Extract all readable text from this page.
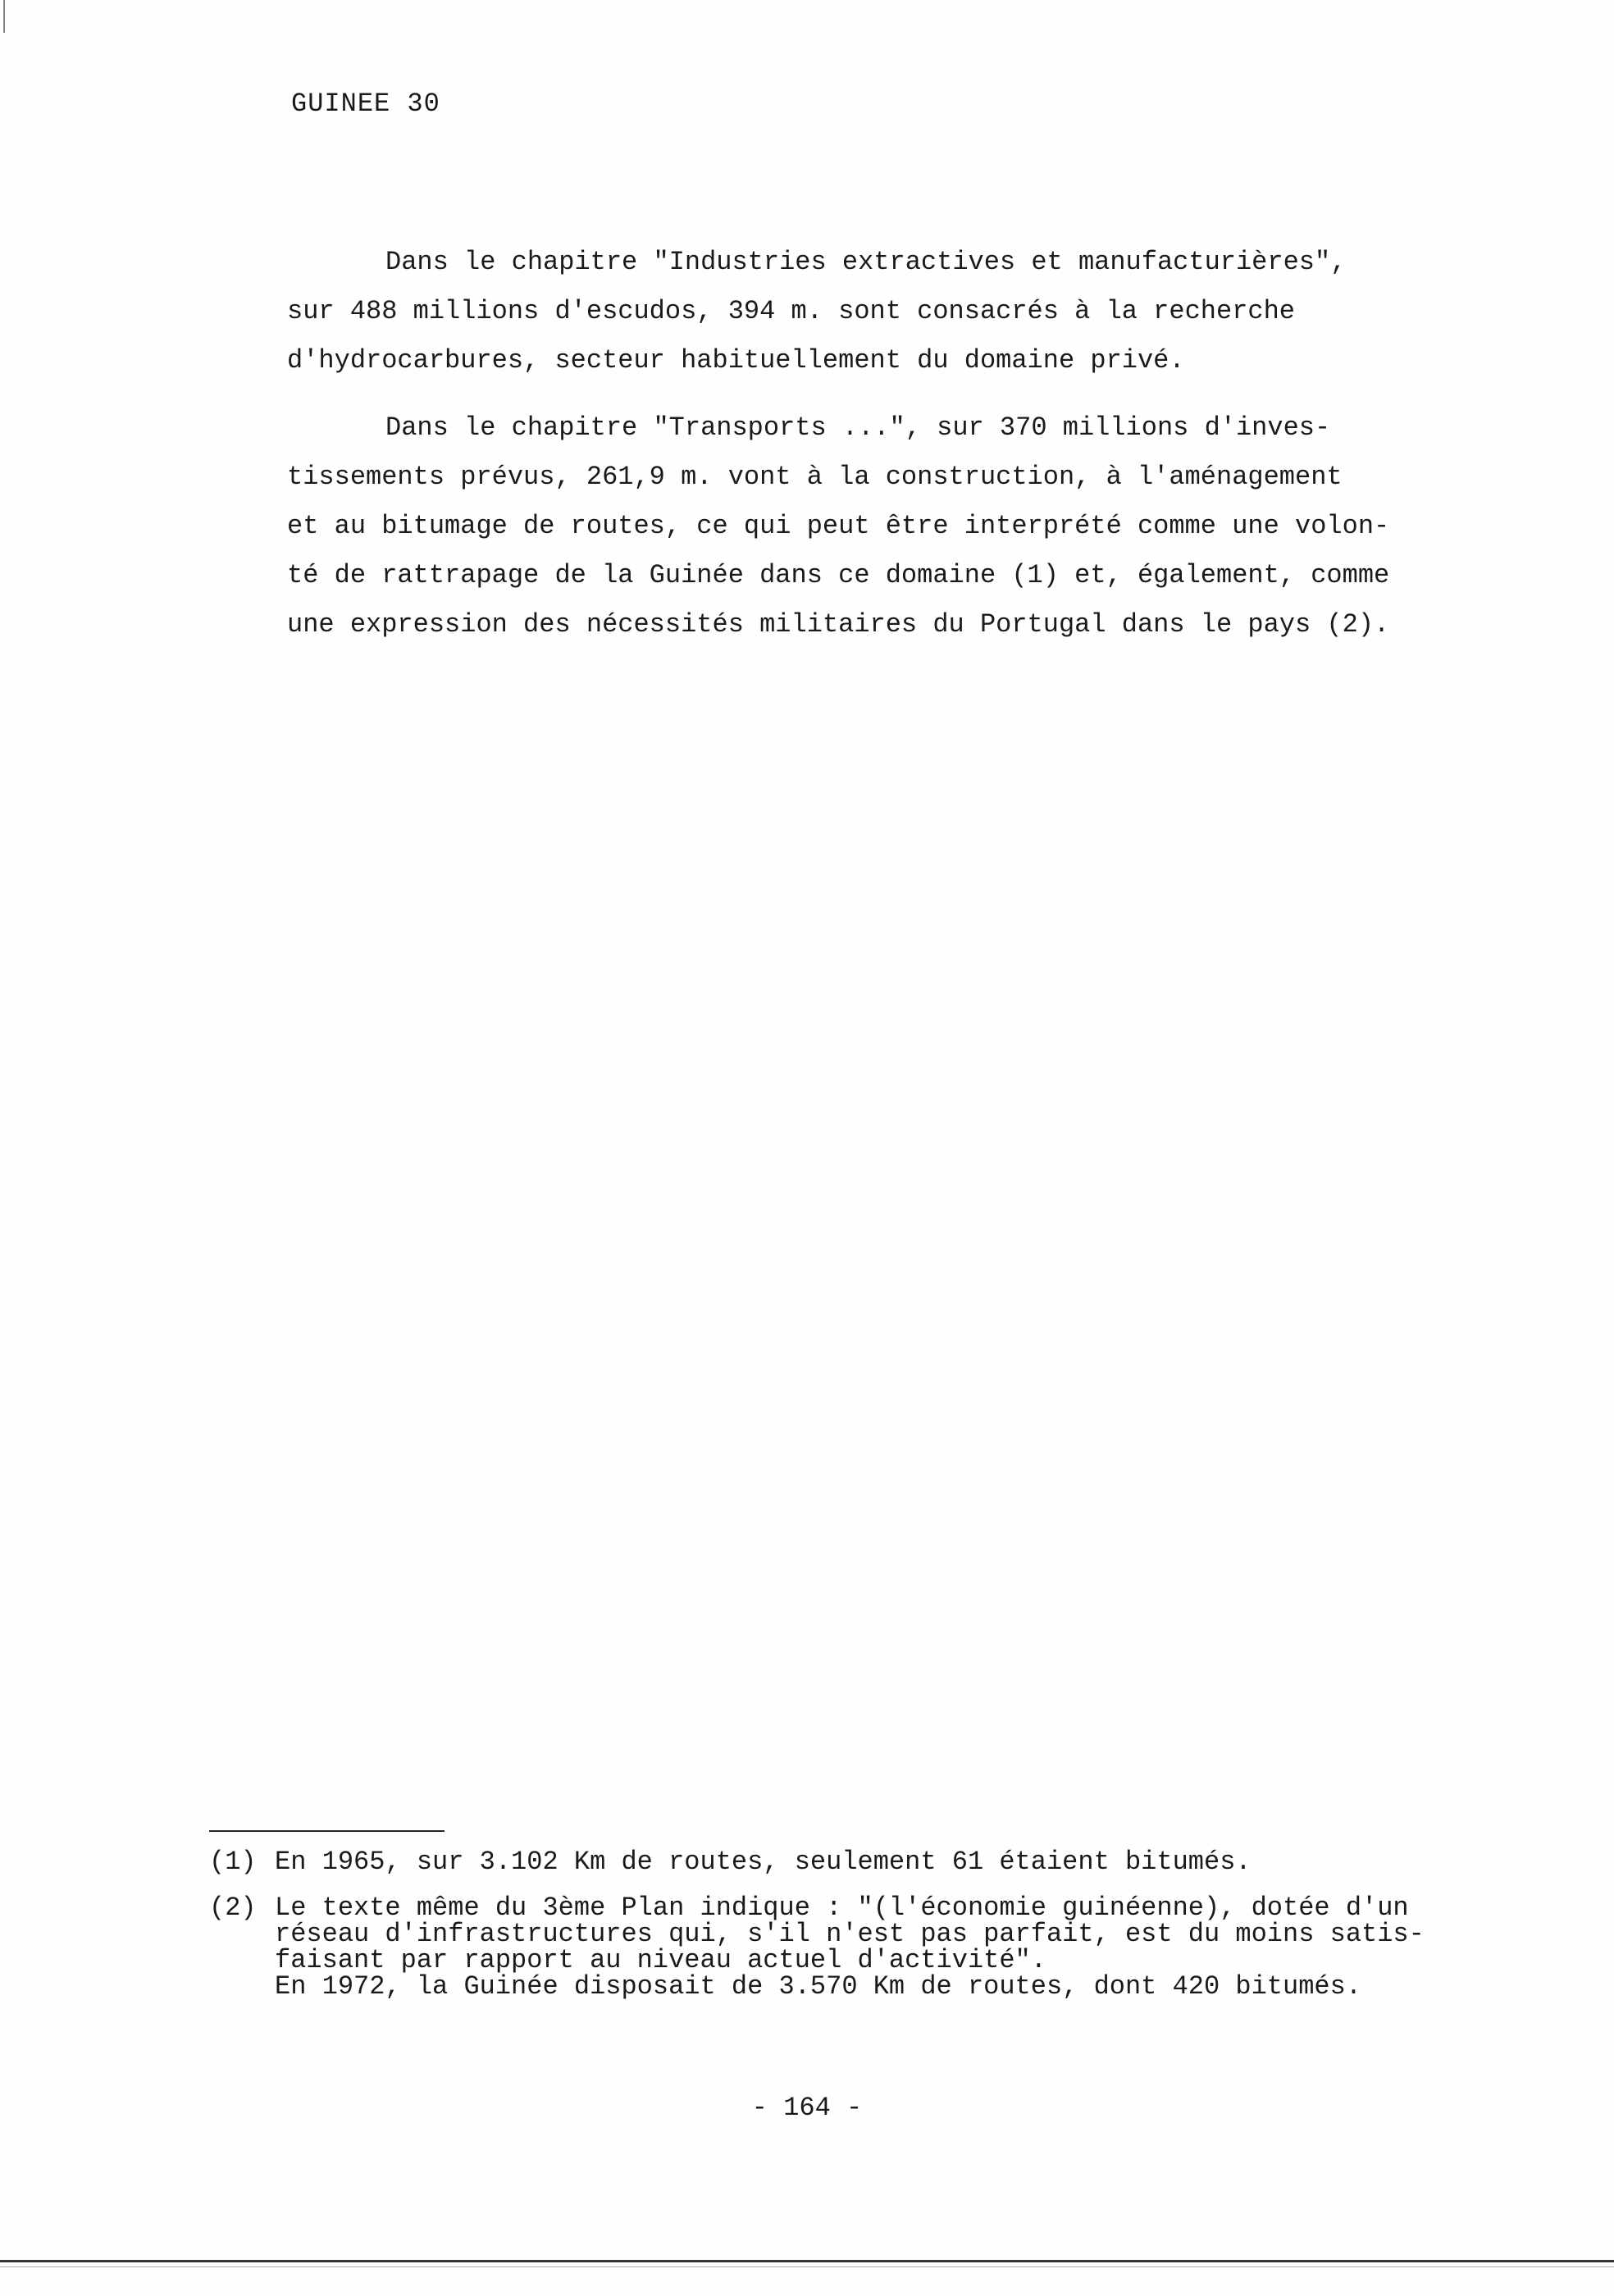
GUINEE 30

Dans le chapitre "Industries extractives et manufacturières",
sur 488 millions d'escudos, 394 m. sont consacrés à la recherche
d'hydrocarbures, secteur habituellement du domaine privé.

Dans le chapitre "Transports ...", sur 370 millions d'inves-
tissements prévus, 261,9 m. vont à la construction, à l'aménagement
et au bitumage de routes, ce qui peut être interprété comme une volon-
té de rattrapage de la Guinée dans ce domaine (1) et, également, comme
une expression des nécessités militaires du Portugal dans le pays (2).

(1) En 1965, sur 3.102 Km de routes, seulement 61 étaient bitumés.
(2) Le texte même du 3ème Plan indique : "(l'économie guinéenne), dotée d'un
réseau d'infrastructures qui, s'il n'est pas parfait, est du moins satis-
faisant par rapport au niveau actuel d'activité".
En 1972, la Guinée disposait de 3.570 Km de routes, dont 420 bitumés.
- 164 -
